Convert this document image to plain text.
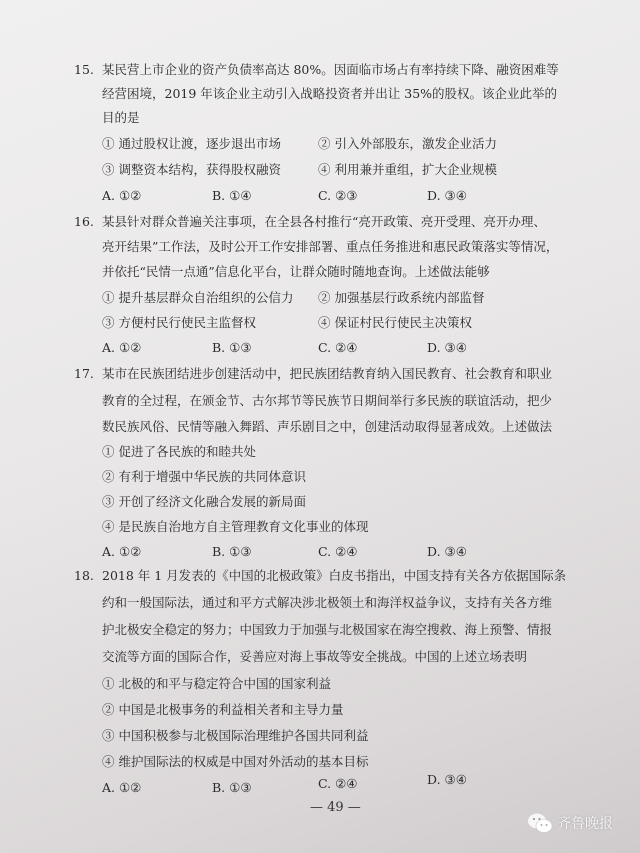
15. 某民营上市企业的资产负债率高达 80%。因面临市场占有率持续下降、融资困难等
经营困境，2019 年该企业主动引入战略投资者并出让 35%的股权。该企业此举的
目的是
① 通过股权让渡，逐步退出市场	② 引入外部股东，激发企业活力
③ 调整资本结构，获得股权融资	④ 利用兼并重组，扩大企业规模
A. ①②	B. ①④	C. ②③	D. ③④
16. 某县针对群众普遍关注事项，在全县各村推行“亮开政策、亮开受理、亮开办理、
亮开结果”工作法，及时公开工作安排部署、重点任务推进和惠民政策落实等情况，
并依托“民情一点通”信息化平台，让群众随时随地查询。上述做法能够
① 提升基层群众自治组织的公信力 ② 加强基层行政系统内部监督
③ 方便村民行使民主监督权	④ 保证村民行使民主决策权
A. ①②	B. ①③	C. ②④	D. ③④
17. 某市在民族团结进步创建活动中，把民族团结教育纳入国民教育、社会教育和职业
教育的全过程，在颁金节、古尔邦节等民族节日期间举行多民族的联谊活动，把少
数民族风俗、民情等融入舞蹈、声乐剧目之中，创建活动取得显著成效。上述做法
① 促进了各民族的和睦共处
② 有利于增强中华民族的共同体意识
③ 开创了经济文化融合发展的新局面
④ 是民族自治地方自主管理教育文化事业的体现
A. ①②	B. ①③	C. ②④	D. ③④
18. 2018 年 1 月发表的《中国的北极政策》白皮书指出，中国支持有关各方依据国际条
约和一般国际法，通过和平方式解决涉北极领土和海洋权益争议，支持有关各方维
护北极安全稳定的努力；中国致力于加强与北极国家在海空搜救、海上预警、情报
交流等方面的国际合作，妥善应对海上事故等安全挑战。中国的上述立场表明
① 北极的和平与稳定符合中国的国家利益
② 中国是北极事务的利益相关者和主导力量
③ 中国积极参与北极国际治理维护各国共同利益
④ 维护国际法的权威是中国对外活动的基本目标
A. ①②	B. ①③	C. ②④	D. ③④
— 49 —
齐鲁晚报
